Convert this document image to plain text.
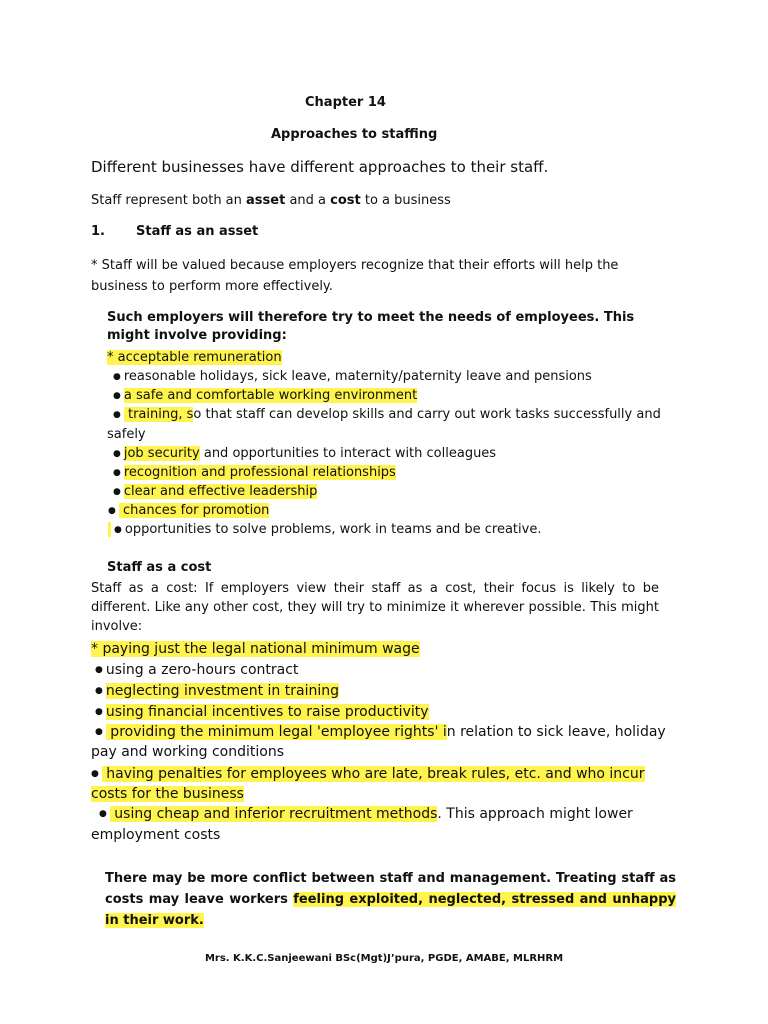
Chapter 14
Approaches to staffing
Different businesses have different approaches to their staff.
Staff represent both an asset and a cost to a business
1. Staff as an asset
* Staff will be valued because employers recognize that their efforts will help the business to perform more effectively.
Such employers will therefore try to meet the needs of employees. This might involve providing:
* acceptable remuneration
● reasonable holidays, sick leave, maternity/paternity leave and pensions
● a safe and comfortable working environment
● training, so that staff can develop skills and carry out work tasks successfully and
safely
● job security and opportunities to interact with colleagues
● recognition and professional relationships
● clear and effective leadership
● chances for promotion
● opportunities to solve problems, work in teams and be creative.
Staff as a cost
Staff as a cost: If employers view their staff as a cost, their focus is likely to be different. Like any other cost, they will try to minimize it wherever possible. This might involve:
* paying just the legal national minimum wage
● using a zero-hours contract
● neglecting investment in training
● using financial incentives to raise productivity
● providing the minimum legal 'employee rights' in relation to sick leave, holiday
pay and working conditions
● having penalties for employees who are late, break rules, etc. and who incur
costs for the business
● using cheap and inferior recruitment methods. This approach might lower
employment costs
There may be more conflict between staff and management. Treating staff as costs may leave workers feeling exploited, neglected, stressed and unhappy in their work.
Mrs. K.K.C.Sanjeewani BSc(Mgt)J’pura, PGDE, AMABE, MLRHRM
